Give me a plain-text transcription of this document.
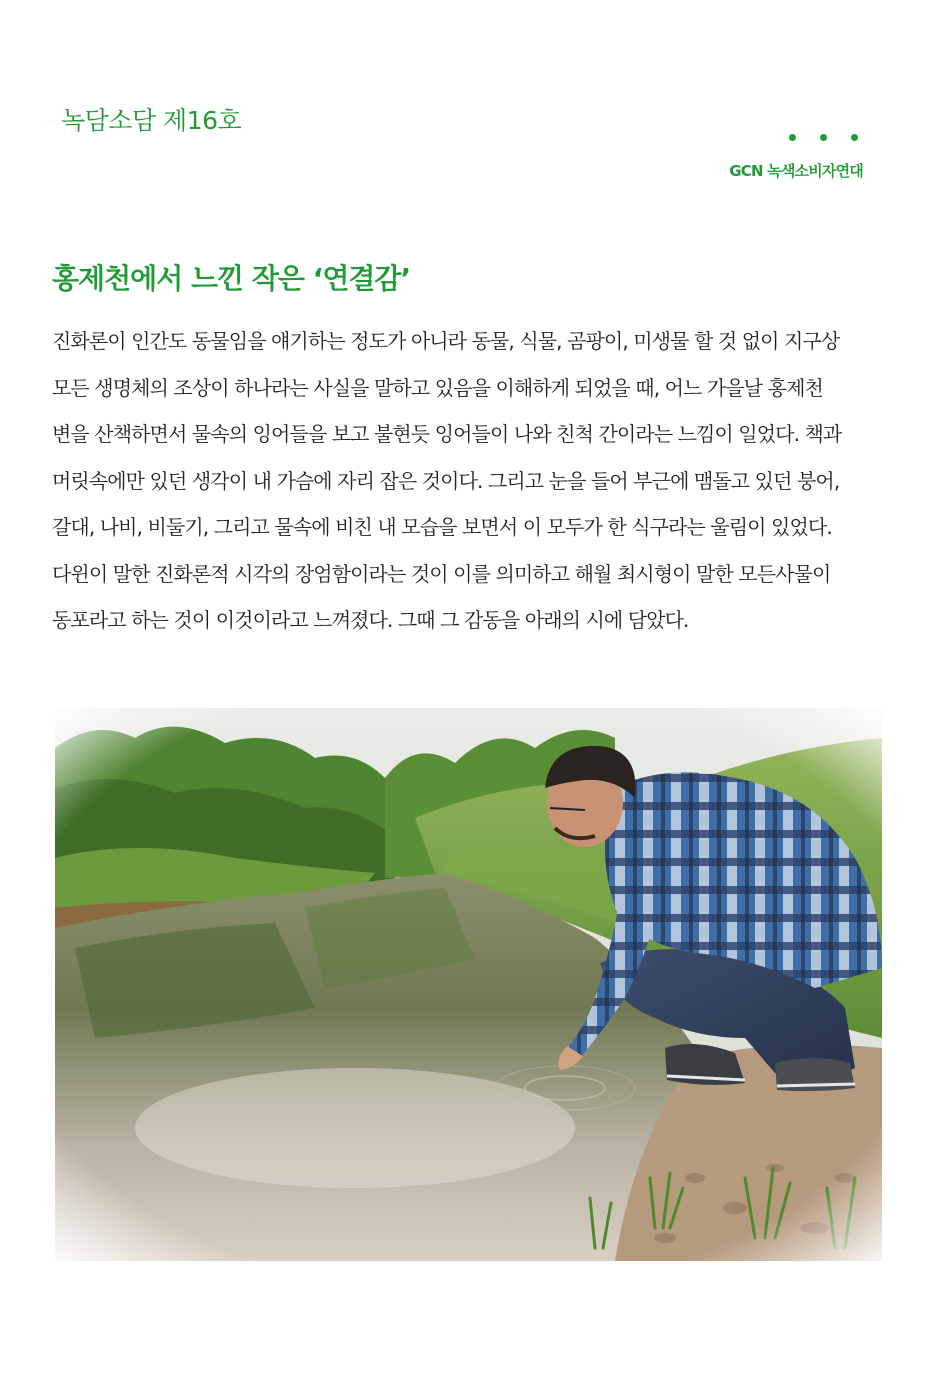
녹담소담 제16호
GCN 녹색소비자연대
홍제천에서 느낀 작은 ‘연결감’
진화론이 인간도 동물임을 얘기하는 정도가 아니라 동물, 식물, 곰팡이, 미생물 할 것 없이 지구상
모든 생명체의 조상이 하나라는 사실을 말하고 있음을 이해하게 되었을 때, 어느 가을날 홍제천
변을 산책하면서 물속의 잉어들을 보고 불현듯 잉어들이 나와 친척 간이라는 느낌이 일었다. 책과
머릿속에만 있던 생각이 내 가슴에 자리 잡은 것이다. 그리고 눈을 들어 부근에 맴돌고 있던 붕어,
갈대, 나비, 비둘기, 그리고 물속에 비친 내 모습을 보면서 이 모두가 한 식구라는 울림이 있었다.
다윈이 말한 진화론적 시각의 장엄함이라는 것이 이를 의미하고 해월 최시형이 말한 모든사물이
동포라고 하는 것이 이것이라고 느껴졌다. 그때 그 감동을 아래의 시에 담았다.
